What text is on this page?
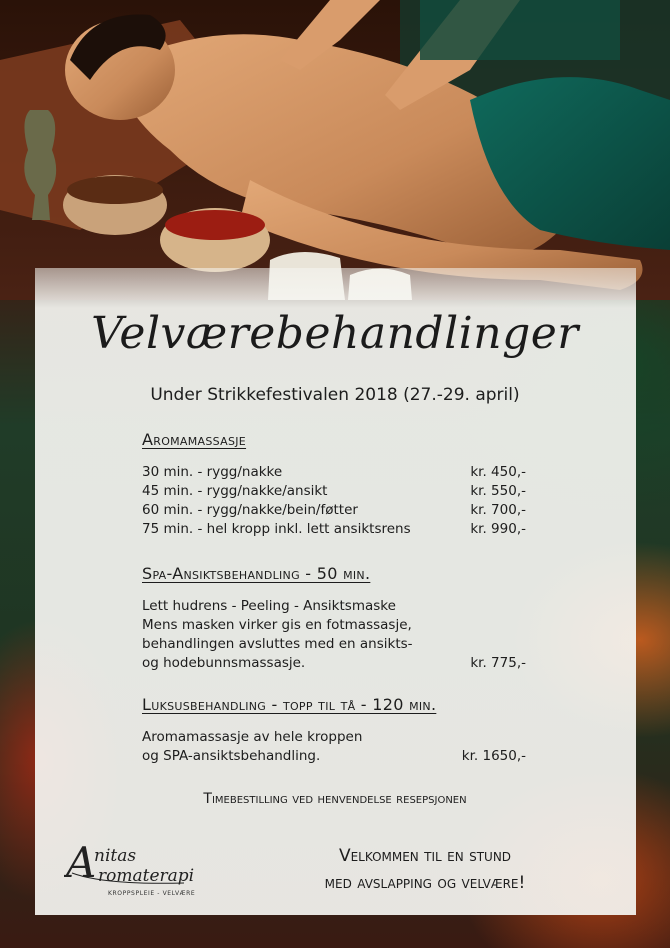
Velværebehandlinger
Under Strikkefestivalen 2018 (27.-29. april)
Aromamassasje
30 min. - rygg/nakke	kr. 450,-
45 min. - rygg/nakke/ansikt	kr. 550,-
60 min. - rygg/nakke/bein/føtter	kr. 700,-
75 min. - hel kropp inkl. lett ansiktsrens	kr. 990,-
Spa-Ansiktsbehandling - 50 min.
Lett hudrens - Peeling - Ansiktsmaske
Mens masken virker gis en fotmassasje,
behandlingen avsluttes med en ansikts-
og hodebunnsmassasje.	kr. 775,-
Luksusbehandling - topp til tå - 120 min.
Aromamassasje av hele kroppen
og SPA-ansiktsbehandling.	kr. 1650,-
Timebestilling ved henvendelse resepsjonen
Velkommen til en stund
med avslapping og velvære!
A
nitas
romaterapi
KROPPSPLEIE - VELVÆRE
